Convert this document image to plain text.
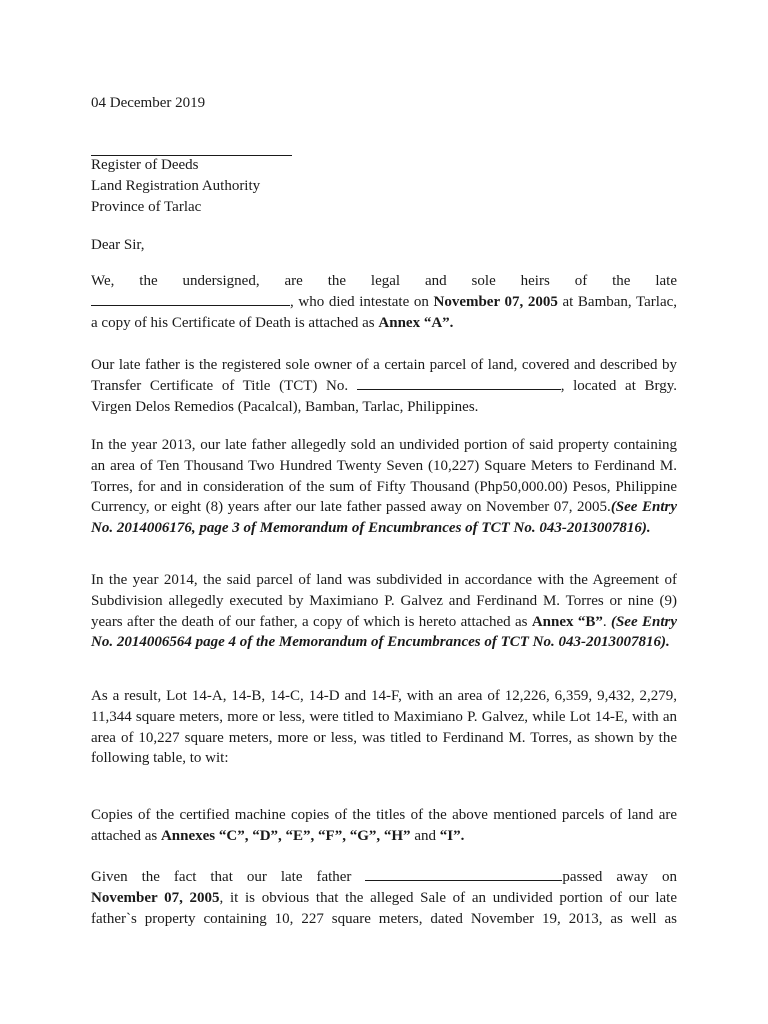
04 December 2019

Register of Deeds
Land Registration Authority
Province of Tarlac

Dear Sir,

We, the undersigned, are the legal and sole heirs of the late
, who died intestate on November 07, 2005 at Bamban, Tarlac, a copy of his Certificate of Death is attached as Annex “A”.
Our late father is the registered sole owner of a certain parcel of land, covered and described by Transfer Certificate of Title (TCT) No.	, located at Brgy. Virgen Delos Remedios (Pacalcal), Bamban, Tarlac, Philippines.
In the year 2013, our late father allegedly sold an undivided portion of said property containing an area of Ten Thousand Two Hundred Twenty Seven (10,227) Square Meters to Ferdinand M. Torres, for and in consideration of the sum of Fifty Thousand (Php50,000.00) Pesos, Philippine Currency, or eight (8) years after our late father passed away on November 07, 2005.(See Entry No. 2014006176, page 3 of Memorandum of Encumbrances of TCT No. 043-2013007816).
In the year 2014, the said parcel of land was subdivided in accordance with the Agreement of Subdivision allegedly executed by Maximiano P. Galvez and Ferdinand M. Torres or nine (9) years after the death of our father, a copy of which is hereto attached as Annex “B”. (See Entry No. 2014006564 page 4 of the Memorandum of Encumbrances of TCT No. 043-2013007816).
As a result, Lot 14-A, 14-B, 14-C, 14-D and 14-F, with an area of 12,226, 6,359, 9,432, 2,279, 11,344 square meters, more or less, were titled to Maximiano P. Galvez, while Lot 14-E, with an area of 10,227 square meters, more or less, was titled to Ferdinand M. Torres, as shown by the following table, to wit:
Copies of the certified machine copies of the titles of the above mentioned parcels of land are attached as Annexes “C”, “D”, “E”, “F”, “G”, “H” and “I”.
Given the fact that our late father	passed away on
November 07, 2005, it is obvious that the alleged Sale of an undivided portion of our late father`s property containing 10, 227 square meters, dated November 19, 2013, as well as
